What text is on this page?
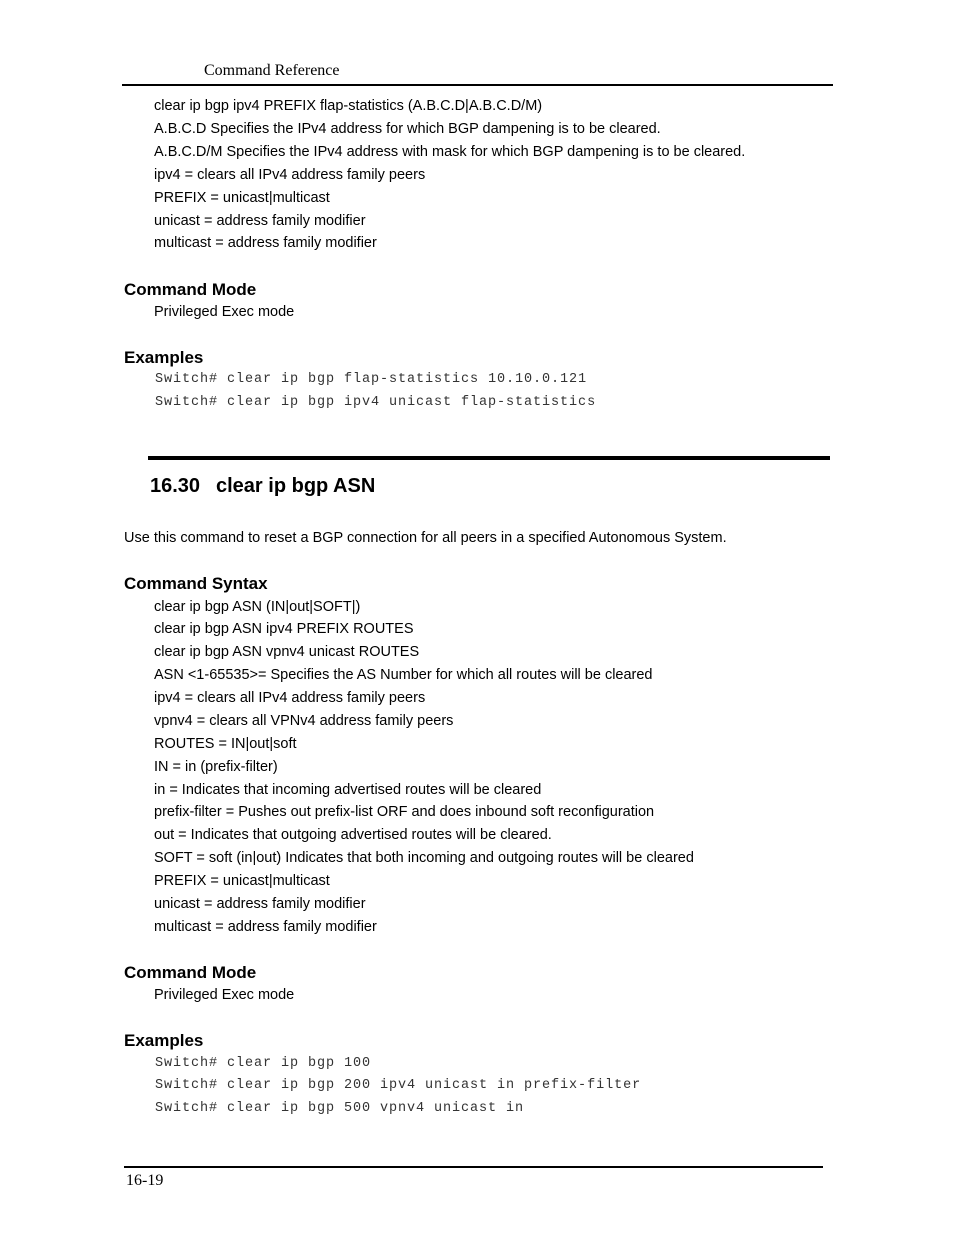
Command Reference
clear ip bgp ipv4 PREFIX flap-statistics (A.B.C.D|A.B.C.D/M)
A.B.C.D Specifies the IPv4 address for which BGP dampening is to be cleared.
A.B.C.D/M Specifies the IPv4 address with mask for which BGP dampening is to be cleared.
ipv4 = clears all IPv4 address family peers
PREFIX = unicast|multicast
unicast = address family modifier
multicast = address family modifier
Command Mode
Privileged Exec mode
Examples
Switch# clear ip bgp flap-statistics 10.10.0.121
Switch# clear ip bgp ipv4 unicast flap-statistics
16.30 clear ip bgp ASN
Use this command to reset a BGP connection for all peers in a specified Autonomous System.
Command Syntax
clear ip bgp ASN (IN|out|SOFT|)
clear ip bgp ASN ipv4 PREFIX ROUTES
clear ip bgp ASN vpnv4 unicast ROUTES
ASN <1-65535>= Specifies the AS Number for which all routes will be cleared
ipv4 = clears all IPv4 address family peers
vpnv4 = clears all VPNv4 address family peers
ROUTES = IN|out|soft
IN = in (prefix-filter)
in = Indicates that incoming advertised routes will be cleared
prefix-filter = Pushes out prefix-list ORF and does inbound soft reconfiguration
out = Indicates that outgoing advertised routes will be cleared.
SOFT = soft (in|out) Indicates that both incoming and outgoing routes will be cleared
PREFIX = unicast|multicast
unicast = address family modifier
multicast = address family modifier
Command Mode
Privileged Exec mode
Examples
Switch# clear ip bgp 100
Switch# clear ip bgp 200 ipv4 unicast in prefix-filter
Switch# clear ip bgp 500 vpnv4 unicast in
16-19
